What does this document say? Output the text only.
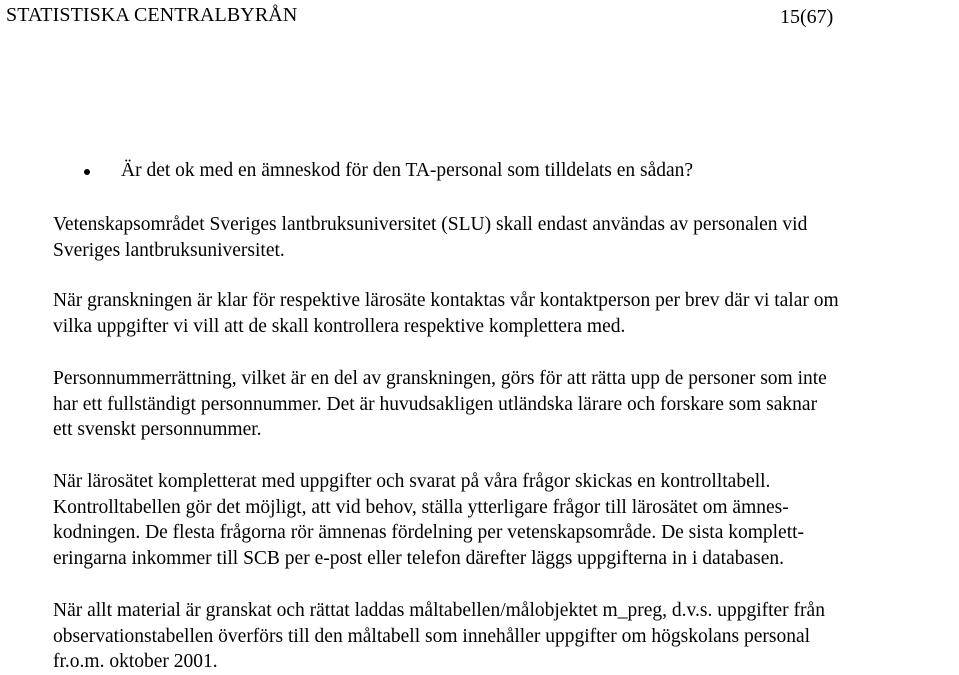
STATISTISKA CENTRALBYRÅN	15(67)
Är det ok med en ämneskod för den TA-personal som tilldelats en sådan?
Vetenskapsområdet Sveriges lantbruksuniversitet (SLU) skall endast användas av personalen vid
Sveriges lantbruksuniversitet.
När granskningen är klar för respektive lärosäte kontaktas vår kontaktperson per brev där vi talar om
vilka uppgifter vi vill att de skall kontrollera respektive komplettera med.
Personnummerrättning, vilket är en del av granskningen, görs för att rätta upp de personer som inte
har ett fullständigt personnummer. Det är huvudsakligen utländska lärare och forskare som saknar
ett svenskt personnummer.
När lärosätet kompletterat med uppgifter och svarat på våra frågor skickas en kontrolltabell.
Kontrolltabellen gör det möjligt, att vid behov, ställa ytterligare frågor till lärosätet om ämnes-
kodningen. De flesta frågorna rör ämnenas fördelning per vetenskapsområde. De sista komplett-
eringarna inkommer till SCB per e-post eller telefon därefter läggs uppgifterna in i databasen.
När allt material är granskat och rättat laddas måltabellen/målobjektet m_preg, d.v.s. uppgifter från
observationstabellen överförs till den måltabell som innehåller uppgifter om högskolans personal
fr.o.m. oktober 2001.
